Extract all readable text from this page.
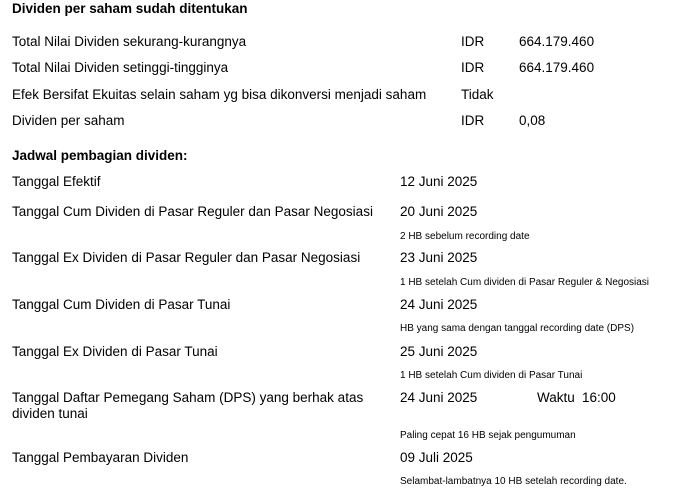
Dividen per saham sudah ditentukan
Total Nilai Dividen sekurang-kurangnya	IDR	664.179.460
Total Nilai Dividen setinggi-tingginya	IDR	664.179.460
Efek Bersifat Ekuitas selain saham yg bisa dikonversi menjadi saham	Tidak
Dividen per saham	IDR	0,08
Jadwal pembagian dividen:
Tanggal Efektif	12 Juni 2025
Tanggal Cum Dividen di Pasar Reguler dan Pasar Negosiasi 20 Juni 2025
2 HB sebelum recording date
Tanggal Ex Dividen di Pasar Reguler dan Pasar Negosiasi	23 Juni 2025
1 HB setelah Cum dividen di Pasar Reguler & Negosiasi
Tanggal Cum Dividen di Pasar Tunai	24 Juni 2025
HB yang sama dengan tanggal recording date (DPS)
Tanggal Ex Dividen di Pasar Tunai	25 Juni 2025
1 HB setelah Cum dividen di Pasar Tunai
Tanggal Daftar Pemegang Saham (DPS) yang berhak atas dividen tunai
24 Juni 2025	Waktu 16:00
Paling cepat 16 HB sejak pengumuman
Tanggal Pembayaran Dividen	09 Juli 2025
Selambat-lambatnya 10 HB setelah recording date.
